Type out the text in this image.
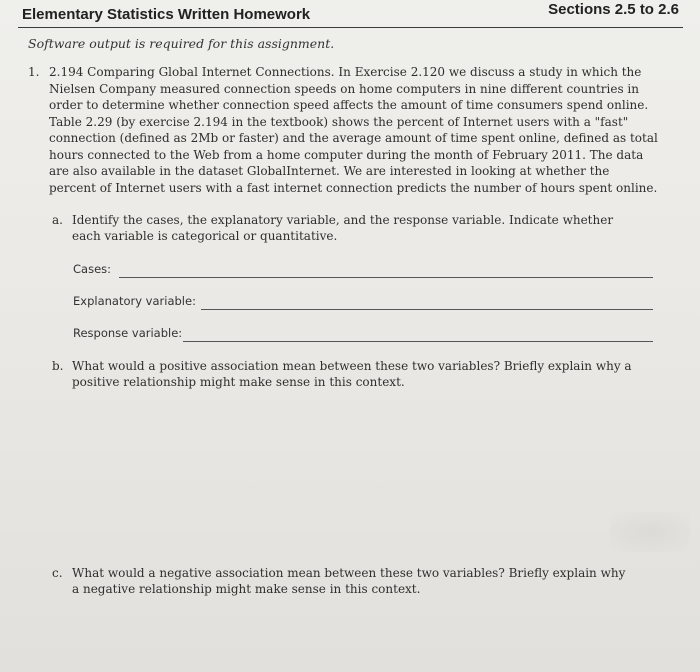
Elementary Statistics Written Homework	Sections 2.5 to 2.6
Software output is required for this assignment.
1. 2.194 Comparing Global Internet Connections. In Exercise 2.120 we discuss a study in which the Nielsen Company measured connection speeds on home computers in nine different countries in order to determine whether connection speed affects the amount of time consumers spend online. Table 2.29 (by exercise 2.194 in the textbook) shows the percent of Internet users with a "fast" connection (defined as 2Mb or faster) and the average amount of time spent online, defined as total hours connected to the Web from a home computer during the month of February 2011. The data are also available in the dataset GlobalInternet. We are interested in looking at whether the percent of Internet users with a fast internet connection predicts the number of hours spent online.
a. Identify the cases, the explanatory variable, and the response variable. Indicate whether each variable is categorical or quantitative.
Cases:
Explanatory variable:
Response variable:
b. What would a positive association mean between these two variables? Briefly explain why a positive relationship might make sense in this context.
c. What would a negative association mean between these two variables? Briefly explain why a negative relationship might make sense in this context.
